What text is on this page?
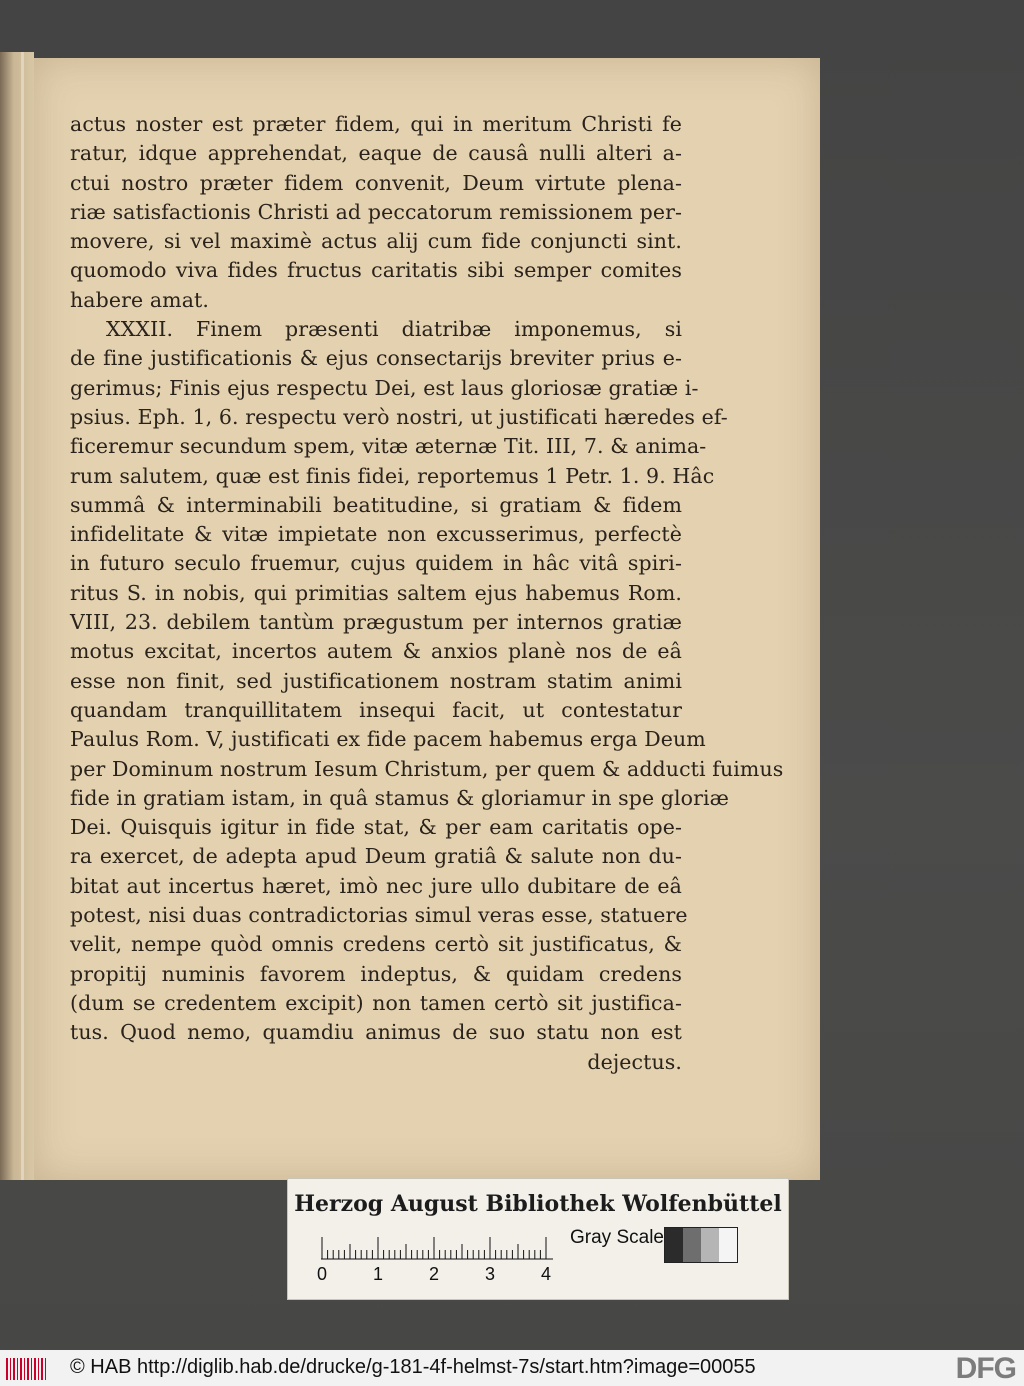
actus noster est præter fidem, qui in meritum Christi fe
ratur, idque apprehendat, eaque de causâ nulli alteri a-
ctui nostro præter fidem convenit, Deum virtute plena-
riæ satisfactionis Christi ad peccatorum remissionem per-
movere, si vel maximè actus alij cum fide conjuncti sint.
quomodo viva fides fructus caritatis sibi semper comites
habere amat.
XXXII. Finem præsenti diatribæ imponemus, si
de fine justificationis & ejus consectarijs breviter prius e-
gerimus; Finis ejus respectu Dei, est laus gloriosæ gratiæ i-
psius. Eph. 1, 6. respectu verò nostri, ut justificati hæredes ef-
ficeremur secundum spem, vitæ æternæ Tit. III, 7. & anima-
rum salutem, quæ est finis fidei, reportemus 1 Petr. 1. 9. Hâc
summâ & interminabili beatitudine, si gratiam & fidem
infidelitate & vitæ impietate non excusserimus, perfectè
in futuro seculo fruemur, cujus quidem in hâc vitâ spiri-
ritus S. in nobis, qui primitias saltem ejus habemus Rom.
VIII, 23. debilem tantùm prægustum per internos gratiæ
motus excitat, incertos autem & anxios planè nos de eâ
esse non finit, sed justificationem nostram statim animi
quandam tranquillitatem insequi facit, ut contestatur
Paulus Rom. V, justificati ex fide pacem habemus erga Deum
per Dominum nostrum Iesum Christum, per quem & adducti fuimus
fide in gratiam istam, in quâ stamus & gloriamur in spe gloriæ
Dei. Quisquis igitur in fide stat, & per eam caritatis ope-
ra exercet, de adepta apud Deum gratiâ & salute non du-
bitat aut incertus hæret, imò nec jure ullo dubitare de eâ
potest, nisi duas contradictorias simul veras esse, statuere
velit, nempe quòd omnis credens certò sit justificatus, &
propitij numinis favorem indeptus, & quidam credens
(dum se credentem excipit) non tamen certò sit justifica-
tus. Quod nemo, quamdiu animus de suo statu non est
dejectus.
Herzog August Bibliothek Wolfenbüttel
0	1	2	3	4
Gray Scale
© HAB http://diglib.hab.de/drucke/g-181-4f-helmst-7s/start.htm?image=00055	DFG
